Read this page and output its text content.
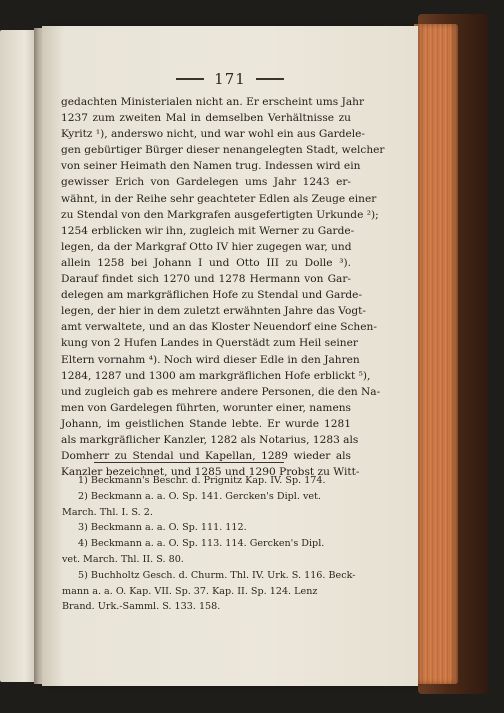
171
gedachten Ministerialen nicht an. Er erscheint ums Jahr
1237 zum zweiten Mal in demselben Verhältnisse zu
Kyritz ¹), anderswo nicht, und war wohl ein aus Gardele-
gen gebürtiger Bürger dieser nenangelegten Stadt, welcher
von seiner Heimath den Namen trug. Indessen wird ein
gewisser Erich von Gardelegen ums Jahr 1243 er-
wähnt, in der Reihe sehr geachteter Edlen als Zeuge einer
zu Stendal von den Markgrafen ausgefertigten Urkunde ²);
1254 erblicken wir ihn, zugleich mit Werner zu Garde-
legen, da der Markgraf Otto IV hier zugegen war, und
allein 1258 bei Johann I und Otto III zu Dolle ³).
Darauf findet sich 1270 und 1278 Hermann von Gar-
delegen am markgräflichen Hofe zu Stendal und Garde-
legen, der hier in dem zuletzt erwähnten Jahre das Vogt-
amt verwaltete, und an das Kloster Neuendorf eine Schen-
kung von 2 Hufen Landes in Querstädt zum Heil seiner
Eltern vornahm ⁴). Noch wird dieser Edle in den Jahren
1284, 1287 und 1300 am markgräflichen Hofe erblickt ⁵),
und zugleich gab es mehrere andere Personen, die den Na-
men von Gardelegen führten, worunter einer, namens
Johann, im geistlichen Stande lebte. Er wurde 1281
als markgräflicher Kanzler, 1282 als Notarius, 1283 als
Domherr zu Stendal und Kapellan, 1289 wieder als
Kanzler bezeichnet, und 1285 und 1290 Probst zu Witt-
1) Beckmann's Beschr. d. Prignitz Kap. IV. Sp. 174.
2) Beckmann a. a. O. Sp. 141. Gercken's Dipl. vet.
March. Thl. I. S. 2.
3) Beckmann a. a. O. Sp. 111. 112.
4) Beckmann a. a. O. Sp. 113. 114. Gercken's Dipl.
vet. March. Thl. II. S. 80.
5) Buchholtz Gesch. d. Churm. Thl. IV. Urk. S. 116. Beck-
mann a. a. O. Kap. VII. Sp. 37. Kap. II. Sp. 124. Lenz
Brand. Urk.-Samml. S. 133. 158.
